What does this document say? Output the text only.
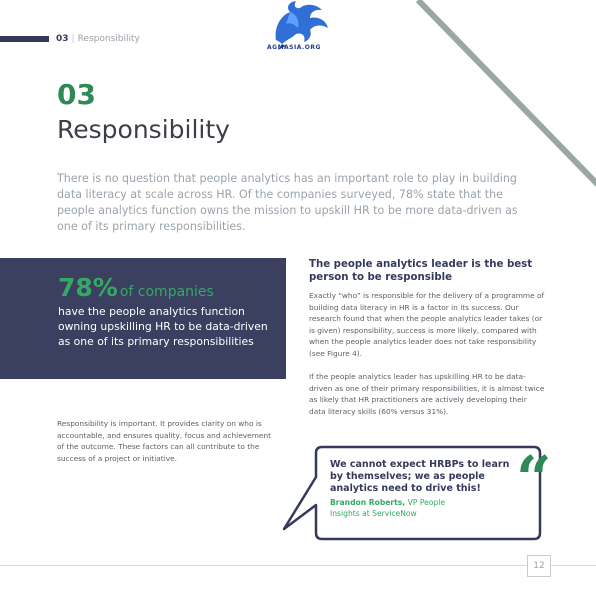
03 | Responsibility
AGMASIA.ORG
03
Responsibility

There is no question that people analytics has an important role to play in building data literacy at scale across HR. Of the companies surveyed, 78% state that the people analytics function owns the mission to upskill HR to be more data-driven as one of its primary responsibilities.

78% of companies

have the people analytics function owning upskilling HR to be data-driven as one of its primary responsibilities

The people analytics leader is the best person to be responsible

Exactly “who” is responsible for the delivery of a programme of building data literacy in HR is a factor in its success. Our research found that when the people analytics leader takes (or is given) responsibility, success is more likely, compared with when the people analytics leader does not take responsibility (see Figure 4).

If the people analytics leader has upskilling HR to be data-driven as one of their primary responsibilities, it is almost twice as likely that HR practitioners are actively developing their data literacy skills (60% versus 31%).

Responsibility is important. It provides clarity on who is accountable, and ensures quality, focus and achievement of the outcome. These factors can all contribute to the success of a project or initiative.

We cannot expect HRBPs to learn by themselves; we as people analytics need to drive this!

Brandon Roberts, VP People Insights at ServiceNow	“
12
